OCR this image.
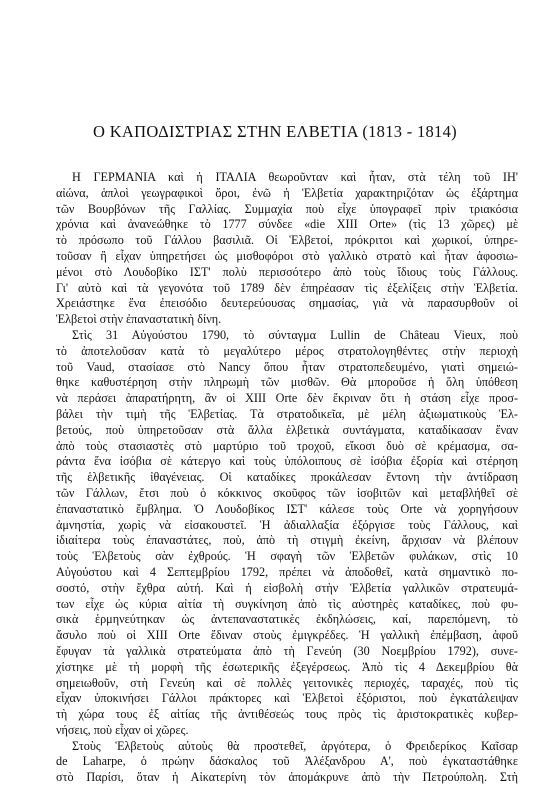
Ο ΚΑΠΟΔΙΣΤΡΙΑΣ ΣΤΗΝ ΕΛΒΕΤΙΑ (1813 - 1814)
Η ΓΕΡΜΑΝΙΑ καὶ ἡ ΙΤΑΛΙΑ θεωροῦνταν καὶ ἦταν, στὰ τέλη τοῦ ΙΗ'
αἰώνα, ἁπλοὶ γεωγραφικοὶ ὅροι, ἐνῶ ἡ Ἑλβετία χαρακτηριζόταν ὡς ἐξάρτημα
τῶν Βουρβόνων τῆς Γαλλίας. Συμμαχία ποὺ εἶχε ὑπογραφεῖ πρὶν τριακόσια
χρόνια καὶ ἀνανεώθηκε τὸ 1777 σύνδεε «die XIII Orte» (τὶς 13 χῶρες) μὲ
τὸ πρόσωπο τοῦ Γάλλου βασιλιᾶ. Οἱ Ἑλβετοί, πρόκριτοι καὶ χωρικοί, ὑπηρε-
τοῦσαν ἢ εἶχαν ὑπηρετήσει ὡς μισθοφόροι στὸ γαλλικὸ στρατὸ καὶ ἦταν ἀφοσιω-
μένοι στὸ Λουδοβίκο ΙΣΤ' πολὺ περισσότερο ἀπὸ τοὺς ἴδιους τοὺς Γάλλους.
Γι' αὐτὸ καὶ τὰ γεγονότα τοῦ 1789 δὲν ἐπηρέασαν τὶς ἐξελίξεις στὴν Ἑλβετία.
Χρειάστηκε ἕνα ἐπεισόδιο δευτερεύουσας σημασίας, γιὰ νὰ παρασυρθοῦν οἱ
Ἑλβετοὶ στὴν ἐπαναστατικὴ δίνη.
Στὶς 31 Αὐγούστου 1790, τὸ σύνταγμα Lullin de Château Vieux, ποὺ
τὸ ἀποτελοῦσαν κατὰ τὸ μεγαλύτερο μέρος στρατολογηθέντες στὴν περιοχὴ
τοῦ Vaud, στασίασε στὸ Nancy ὅπου ἦταν στρατοπεδευμένο, γιατὶ σημειώ-
θηκε καθυστέρηση στὴν πληρωμὴ τῶν μισθῶν. Θὰ μποροῦσε ἡ ὅλη ὑπόθεση
νὰ περάσει ἀπαρατήρητη, ἂν οἱ XIII Orte δὲν ἔκριναν ὅτι ἡ στάση εἶχε προσ-
βάλει τὴν τιμὴ τῆς Ἑλβετίας. Τὰ στρατοδικεῖα, μὲ μέλη ἀξιωματικοὺς Ἑλ-
βετούς, ποὺ ὑπηρετοῦσαν στὰ ἄλλα ἑλβετικὰ συντάγματα, καταδίκασαν ἕναν
ἀπὸ τοὺς στασιαστὲς στὸ μαρτύριο τοῦ τροχοῦ, εἴκοσι δυὸ σὲ κρέμασμα, σα-
ράντα ἕνα ἰσόβια σὲ κάτεργο καὶ τοὺς ὑπόλοιπους σὲ ἰσόβια ἐξορία καὶ στέρηση
τῆς ἑλβετικῆς ἰθαγένειας. Οἱ καταδίκες προκάλεσαν ἔντονη τὴν ἀντίδραση
τῶν Γάλλων, ἔτσι ποὺ ὁ κόκκινος σκοῦφος τῶν ἰσοβιτῶν καὶ μεταβλήθεῖ σὲ
ἐπαναστατικὸ ἔμβλημα. Ὁ Λουδοβίκος ΙΣΤ' κάλεσε τοὺς Orte νὰ χορηγήσουν
ἀμνηστία, χωρὶς νὰ εἰσακουστεῖ. Ἡ ἀδιαλλαξία ἐξόργισε τοὺς Γάλλους, καὶ
ἰδιαίτερα τοὺς ἐπαναστάτες, ποὺ, ἀπὸ τὴ στιγμὴ ἐκείνη, ἄρχισαν νὰ βλέπουν
τοὺς Ἑλβετοὺς σὰν ἐχθρούς. Ἡ σφαγὴ τῶν Ἑλβετῶν φυλάκων, στὶς 10
Αὐγούστου καὶ 4 Σεπτεμβρίου 1792, πρέπει νὰ ἀποδοθεῖ, κατὰ σημαντικὸ πο-
σοστό, στὴν ἔχθρα αὐτή. Καὶ ἡ εἰσβολὴ στὴν Ἑλβετία γαλλικῶν στρατευμά-
των εἶχε ὡς κύρια αἰτία τὴ συγκίνηση ἀπὸ τὶς αὐστηρὲς καταδίκες, ποὺ φυ-
σικὰ ἑρμηνεύτηκαν ὡς ἀντεπαναστατικὲς ἐκδηλώσεις, καί, παρεπόμενη, τὸ
ἄσυλο ποὺ οἱ XIII Orte ἔδιναν στοὺς ἐμιγκρέδες. Ἡ γαλλικὴ ἐπέμβαση, ἀφοῦ
ἔφυγαν τὰ γαλλικὰ στρατεύματα ἀπὸ τὴ Γενεύη (30 Νοεμβρίου 1792), συνε-
χίστηκε μὲ τὴ μορφὴ τῆς ἐσωτερικῆς ἐξεγέρσεως. Ἀπὸ τὶς 4 Δεκεμβρίου θὰ
σημειωθοῦν, στὴ Γενεύη καὶ σὲ πολλὲς γειτονικὲς περιοχές, ταραχές, ποὺ τὶς
εἶχαν ὑποκινήσει Γάλλοι πράκτορες καὶ Ἑλβετοὶ ἐξόριστοι, ποὺ ἐγκατάλειψαν
τὴ χώρα τους ἐξ αἰτίας τῆς ἀντιθέσεώς τους πρὸς τὶς ἀριστοκρατικὲς κυβερ-
νήσεις, ποὺ εἶχαν οἱ χῶρες.
Στοὺς Ἑλβετοὺς αὐτοὺς θὰ προστεθεῖ, ἀργότερα, ὁ Φρειδερίκος Καῖσαρ
de Laharpe, ὁ πρώην δάσκαλος τοῦ Ἀλέξανδρου Α', ποὺ ἐγκαταστάθηκε
στὸ Παρίσι, ὅταν ἡ Αἰκατερίνη τὸν ἀπομάκρυνε ἀπὸ τὴν Πετρούπολη. Στὴ
